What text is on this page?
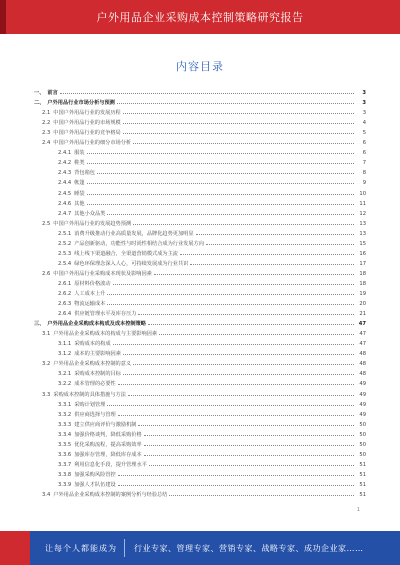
户外用品企业采购成本控制策略研究报告
内容目录
一、 前言	3
二、 户外用品行业市场分析与预测	3
2.1 中国户外用品行业的发展历程	3
2.2 中国户外用品行业的市场规模	4
2.3 中国户外用品行业的竞争格局	5
2.4 中国户外用品行业的细分市场分析	6
2.4.1 服装	6
2.4.2 鞋类	7
2.4.3 背包箱包	8
2.4.4 帐篷	9
2.4.5 睡袋	10
2.4.6 其他	11
2.4.7 其他小众品类	12
2.5 中国户外用品行业的发展趋势预测	13
2.5.1 消费升级推动行业高质量发展，品牌化趋势更加明显	13
2.5.2 产品创新驱动，功能性与时尚性相结合成为行业发展方向	15
2.5.3 线上线下渠道融合，全渠道营销模式成为主流	16
2.5.4 绿色环保理念深入人心，可持续发展成为行业共识	17
2.6 中国户外用品行业采购成本现状及影响因素	18
2.6.1 原材料价格波动	18
2.6.2 人工成本上升	19
2.6.3 物流运输成本	20
2.6.4 供应链管理水平及库存压力	21
三、 户外用品企业采购成本构成及成本控制策略	47
3.1 户外用品企业采购成本的构成与主要影响因素	47
3.1.1 采购成本的构成	47
3.1.2 成本的主要影响因素	48
3.2 户外用品企业采购成本控制的意义	48
3.2.1 采购成本控制的目标	48
3.2.2 成本管理的必要性	49
3.3 采购成本控制的具体措施与方法	49
3.3.1 采购计划管理	49
3.3.2 供应商选择与管理	49
3.3.3 建立供应商评价与激励机制	50
3.3.4 加强价格谈判，降低采购价格	50
3.3.5 优化采购流程，提高采购效率	50
3.3.6 加强库存管理，降低库存成本	50
3.3.7 利用信息化手段，提升管理水平	51
3.3.8 加强采购风险管控	51
3.3.9 加强人才队伍建设	51
3.4 户外用品企业采购成本控制的案例分析与经验总结	51
1
让每个人都能成为 行业专家、管理专家、营销专家、战略专家、成功企业家……
